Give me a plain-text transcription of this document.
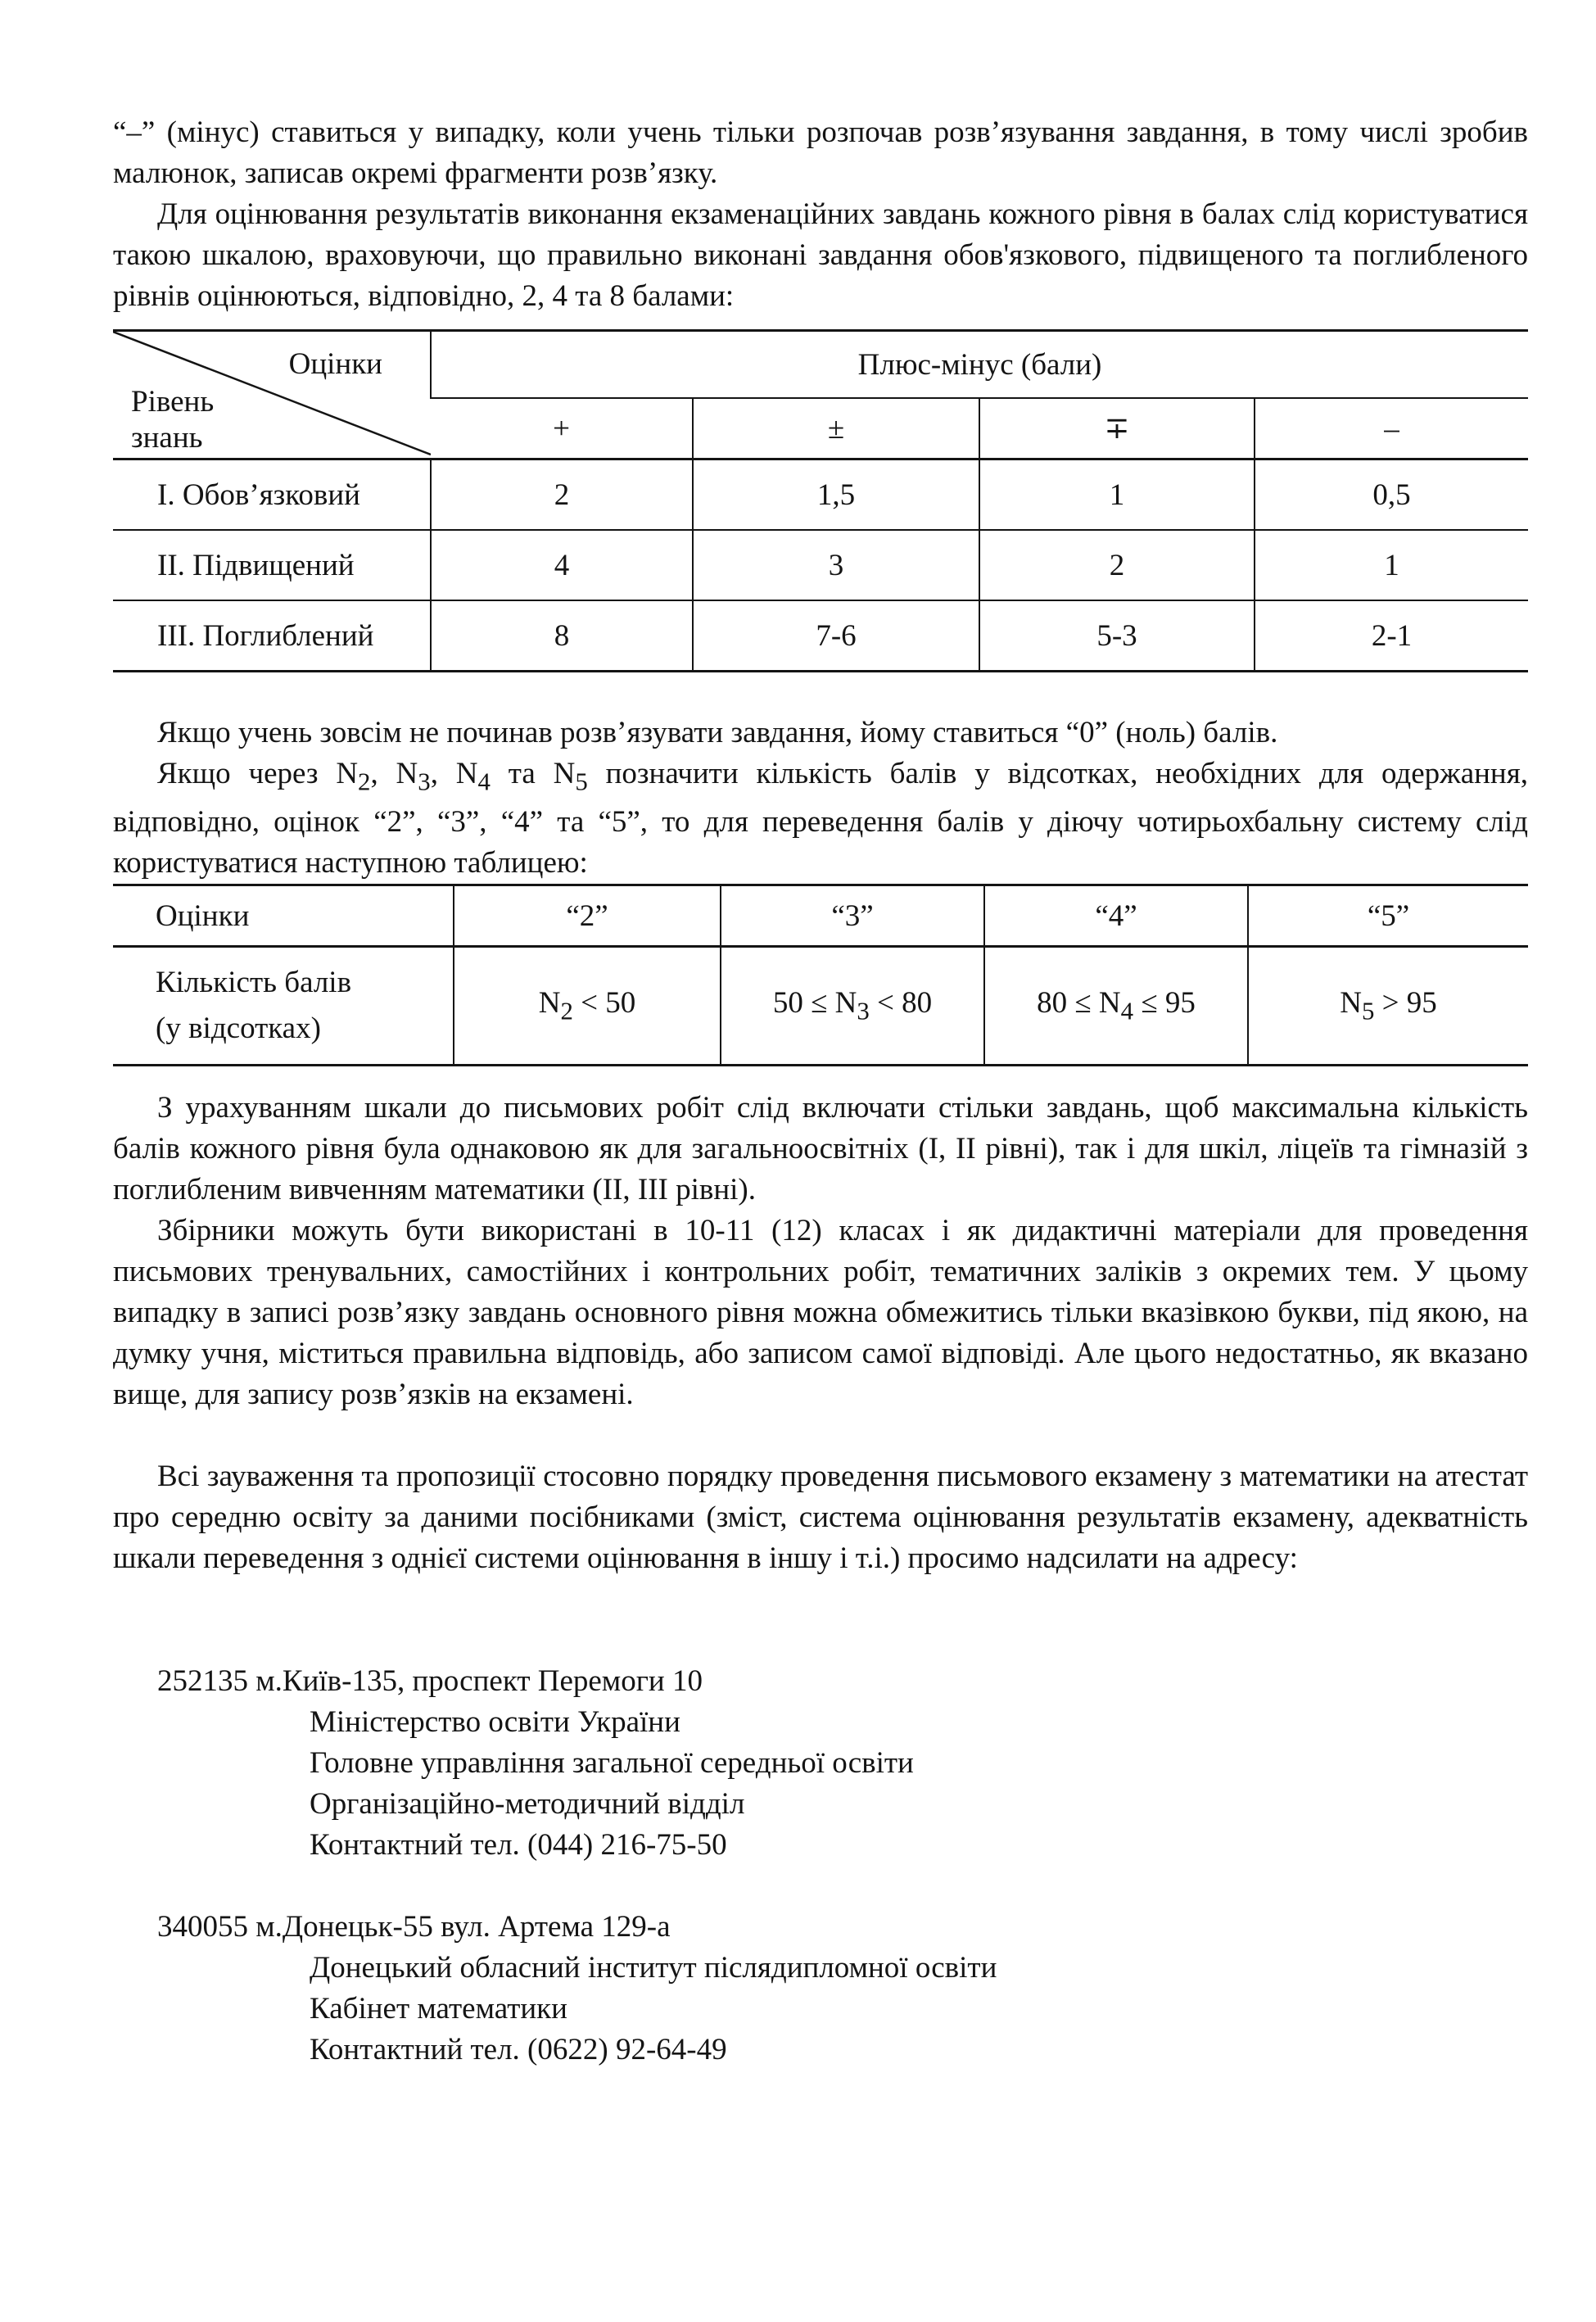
“–” (мінус) ставиться у випадку, коли учень тільки розпочав розв’язування завдання, в тому числі зробив малюнок, записав окремі фрагменти розв’язку.

Для оцінювання результатів виконання екзаменаційних завдань кожного рівня в балах слід користуватися такою шкалою, враховуючи, що правильно виконані завдання обов'язкового, підвищеного та поглибленого рівнів оцінюються, відповідно, 2, 4 та 8 балами:

Оцінки
Рівень
знань	Плюс-мінус (бали)			
	+	±	∓	–
І. Обов’язковий	2	1,5	1	0,5
II. Підвищений	4	3	2	1
III. Поглиблений	8	7-6	5-3	2-1

Якщо учень зовсім не починав розв’язувати завдання, йому ставиться “0” (ноль) балів.

Якщо через $N_2$, $N_3$, $N_4$ та $N_5$ позначити кількість балів у відсотках, необхідних для одержання, відповідно, оцінок “2”, “3”, “4” та “5”, то для переведення балів у діючу чотирьохбальну систему слід користуватися наступною таблицею:

Оцінки	“2”	“3”	“4”	“5”
Кількість балів
(у відсотках)	$N_2 < 50$	$50 \le N_3 < 80$	$80 \le N_4 \le 95$	$N_5 > 95$

З урахуванням шкали до письмових робіт слід включати стільки завдань, щоб максимальна кількість балів кожного рівня була однаковою як для загальноосвітніх (І, ІІ рівні), так і для шкіл, ліцеїв та гімназій з поглибленим вивченням математики (ІІ, ІІІ рівні).

Збірники можуть бути використані в 10-11 (12) класах і як дидактичні матеріали для проведення письмових тренувальних, самостійних і контрольних робіт, тематичних заліків з окремих тем. У цьому випадку в записі розв’язку завдань основного рівня можна обмежитись тільки вказівкою букви, під якою, на думку учня, міститься правильна відповідь, або записом самої відповіді. Але цього недостатньо, як вказано вище, для запису розв’язків на екзамені.

Всі зауваження та пропозиції стосовно порядку проведення письмового екзамену з математики на атестат про середню освіту за даними посібниками (зміст, система оцінювання результатів екзамену, адекватність шкали переведення з однієї системи оцінювання в іншу і т.і.) просимо надсилати на адресу:

252135 м.Київ-135, проспект Перемоги 10

Міністерство освіти України

Головне управління загальної середньої освіти

Організаційно-методичний відділ

Контактний тел. (044) 216-75-50

340055 м.Донецьк-55 вул. Артема 129-а

Донецький обласний інститут післядипломної освіти

Кабінет математики

Контактний тел. (0622) 92-64-49
